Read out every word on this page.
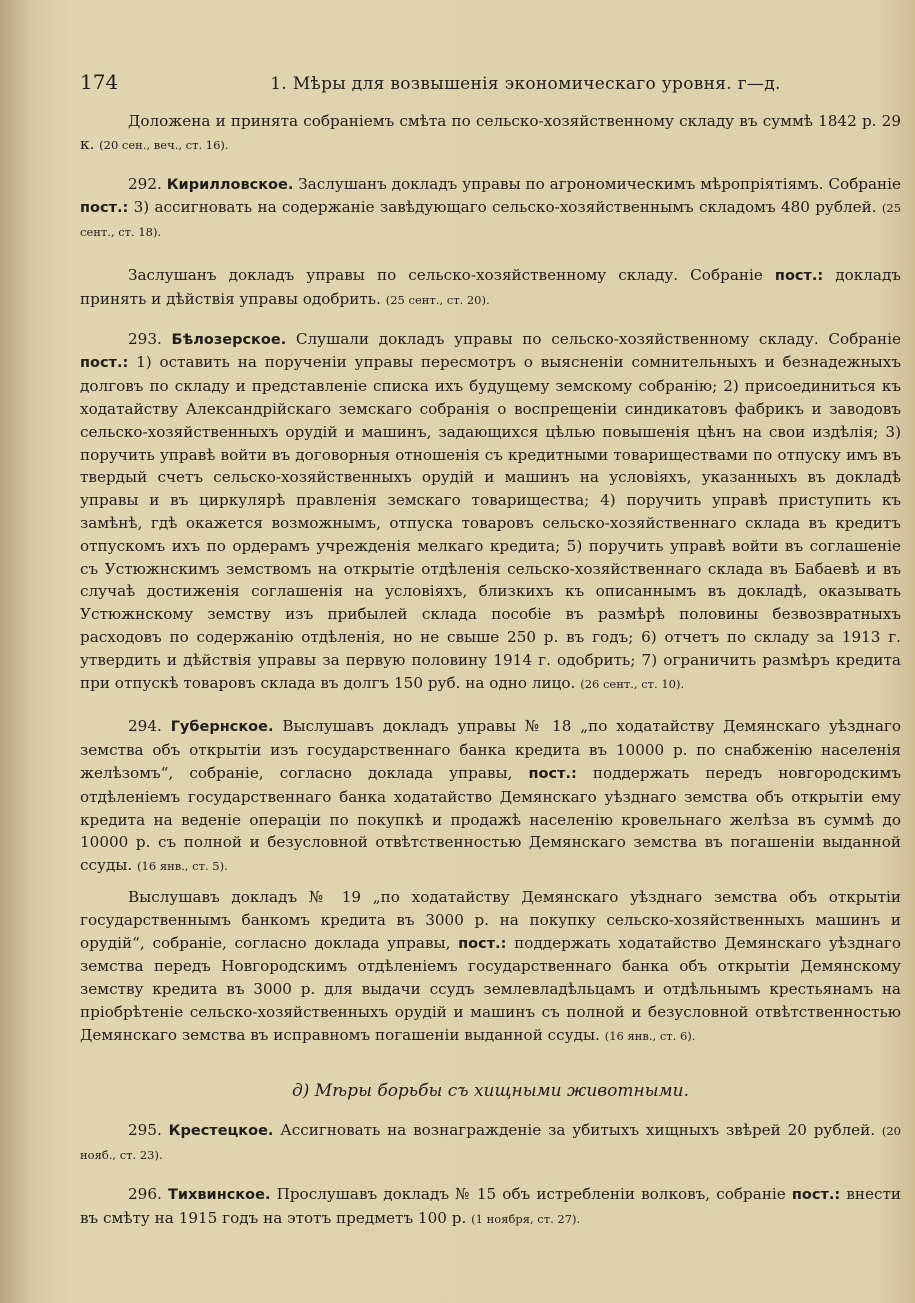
174	1. Мѣры для возвышенія экономическаго уровня. г—д.

Доложена и принята собраніемъ смѣта по сельско-хозяйственному складу въ суммѣ 1842 р. 29 к. (20 сен., веч., ст. 16).

292. Кирилловское. Заслушанъ докладъ управы по агрономическимъ мѣропріятіямъ. Собраніе пост.: 3) ассигновать на содержаніе завѣдующаго сельско-хозяйственнымъ складомъ 480 рублей. (25 сент., ст. 18).

Заслушанъ докладъ управы по сельско-хозяйственному складу. Собраніе пост.: докладъ принять и дѣйствія управы одобрить. (25 сент., ст. 20).

293. Бѣлозерское. Слушали докладъ управы по сельско-хозяйственному складу. Собраніе пост.: 1) оставить на порученіи управы пересмотръ о выясненіи сомнительныхъ и безнадежныхъ долговъ по складу и представленіе списка ихъ будущему земскому собранію; 2) присоединиться къ ходатайству Александрійскаго земскаго собранія о воспрещеніи синдикатовъ фабрикъ и заводовъ сельско-хозяйственныхъ орудій и машинъ, задающихся цѣлью повышенія цѣнъ на свои издѣлія; 3) поручить управѣ войти въ договорныя отношенія съ кредитными товариществами по отпуску имъ въ твердый счетъ сельско-хозяйственныхъ орудій и машинъ на условіяхъ, указанныхъ въ докладѣ управы и въ циркулярѣ правленія земскаго товарищества; 4) поручить управѣ приступить къ замѣнѣ, гдѣ окажется возможнымъ, отпуска товаровъ сельско-хозяйственнаго склада въ кредитъ отпускомъ ихъ по ордерамъ учрежденія мелкаго кредита; 5) поручить управѣ войти въ соглашеніе съ Устюжнскимъ земствомъ на открытіе отдѣленія сельско-хозяйственнаго склада въ Бабаевѣ и въ случаѣ достиженія соглашенія на условіяхъ, близкихъ къ описаннымъ въ докладѣ, оказывать Устюжнскому земству изъ прибылей склада пособіе въ размѣрѣ половины безвозвратныхъ расходовъ по содержанію отдѣленія, но не свыше 250 р. въ годъ; 6) отчетъ по складу за 1913 г. утвердить и дѣйствія управы за первую половину 1914 г. одобрить; 7) ограничить размѣръ кредита при отпускѣ товаровъ склада въ долгъ 150 руб. на одно лицо. (26 сент., ст. 10).

294. Губернское. Выслушавъ докладъ управы № 18 „по ходатайству Демянскаго уѣзднаго земства объ открытіи изъ государственнаго банка кредита въ 10000 р. по снабженію населенія желѣзомъ“, собраніе, согласно доклада управы, пост.: поддержать передъ новгородскимъ отдѣленіемъ государственнаго банка ходатайство Демянскаго уѣзднаго земства объ открытіи ему кредита на веденіе операціи по покупкѣ и продажѣ населенію кровельнаго желѣза въ суммѣ до 10000 р. съ полной и безусловной отвѣтственностью Демянскаго земства въ погашеніи выданной ссуды. (16 янв., ст. 5).

Выслушавъ докладъ № 19 „по ходатайству Демянскаго уѣзднаго земства объ открытіи государственнымъ банкомъ кредита въ 3000 р. на покупку сельско-хозяйственныхъ машинъ и орудій“, собраніе, согласно доклада управы, пост.: поддержать ходатайство Демянскаго уѣзднаго земства передъ Новгородскимъ отдѣленіемъ государственнаго банка объ открытіи Демянскому земству кредита въ 3000 р. для выдачи ссудъ землевладѣльцамъ и отдѣльнымъ крестьянамъ на пріобрѣтеніе сельско-хозяйственныхъ орудій и машинъ съ полной и безусловной отвѣтственностью Демянскаго земства въ исправномъ погашеніи выданной ссуды. (16 янв., ст. 6).

д) Мѣры борьбы съ хищными животными.

295. Крестецкое. Ассигновать на вознагражденіе за убитыхъ хищныхъ звѣрей 20 рублей. (20 нояб., ст. 23).

296. Тихвинское. Прослушавъ докладъ № 15 объ истребленіи волковъ, собраніе пост.: внести въ смѣту на 1915 годъ на этотъ предметъ 100 р. (1 ноября, ст. 27).
